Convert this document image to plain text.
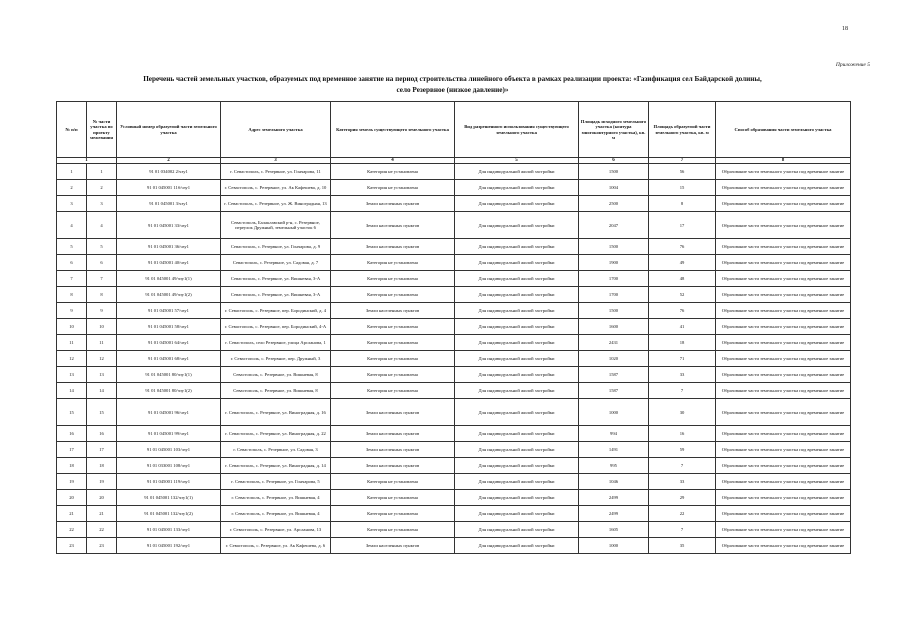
18
Приложение 5
Перечень частей земельных участков, образуемых под временное занятие на период строительства линейного объекта в рамках реализации проекта: «Газификация сел Байдарской долины,
село Резервное (низкое давление)»
№ п/п	№ части участка по проекту межевания	Условный номер образуемой части земельного участка	Адрес земельного участка	Категория земель существующего земельного участка	Вид разрешенного использования существующего земельного участка	Площадь исходного земельного участка (контура многоконтурного участка), кв. м	Площадь образуемой части земельного участка, кв. м	Способ образования части земельного участка
1		2	3	4	5	6	7	8
1	1	91 01 034002 2/чзу1	г. Севастополь, с. Резервное, ул. Гончарова, 11	Категория не установлена	Для индивидуальной жилой застройки	1500	56	Образование части земельного участка под временное занятие
2	2	91 01 045001 11б/чзу1	г. Севастополь, с. Резервное, ул. Ак Кафешева, д. 10	Категория не установлена	Для индивидуальной жилой застройки	1004	15	Образование части земельного участка под временное занятие
3	3	91 01 045001 3/чзу1	г. Севастополь, с. Резервное, ул. Ж. Виноградная, 13	Земли населенных пунктов	Для индивидуальной жилой застройки	2500	8	Образование части земельного участка под временное занятие
4	4	91 01 045001 33/чзу1	Севастополь, Балаклавский р-н, с. Резервное, переулок Дружный, земельный участок 6	Земли населенных пунктов	Для индивидуальной жилой застройки	2047	17	Образование части земельного участка под временное занятие
5	5	91 01 045001 36/чзу1	Севастополь, с. Резервное, ул. Гончарова, д. 9	Земли населенных пунктов	Для индивидуальной жилой застройки	1500	76	Образование части земельного участка под временное занятие
6	6	91 01 045001 40/чзу1	Севастополь, с. Резервное, ул. Садовая, д. 7	Категория не установлена	Для индивидуальной жилой застройки	1900	49	Образование части земельного участка под временное занятие
7	7	91 01 045001 49/чзу1(1)	Севастополь, с. Резервное, ул. Вишневая, 3-А	Категория не установлена	Для индивидуальной жилой застройки	1700	48	Образование части земельного участка под временное занятие
8	8	91 01 045001 49/чзу1(2)	Севастополь, с. Резервное, ул. Вишневая, 3-А	Категория не установлена	Для индивидуальной жилой застройки	1700	52	Образование части земельного участка под временное занятие
9	9	91 01 045001 57/чзу1	г. Севастополь, с. Резервное, пер. Бородинский, д. 4	Земли населенных пунктов	Для индивидуальной жилой застройки	1500	76	Образование части земельного участка под временное занятие
10	10	91 01 045001 58/чзу1	г. Севастополь, с. Резервное, пер. Бородинский, 4-А	Категория не установлена	Для индивидуальной жилой застройки	1600	41	Образование части земельного участка под временное занятие
11	11	91 01 045001 64/чзу1	г. Севастополь, село Резервное, улица Арсланова, 1	Категория не установлена	Для индивидуальной жилой застройки	2431	18	Образование части земельного участка под временное занятие
12	12	91 01 045001 68/чзу1	г. Севастополь, с. Резервное, пер. Дружный, 3	Категория не установлена	Для индивидуальной жилой застройки	1020	71	Образование части земельного участка под временное занятие
13	13	91 01 045001 80/чзу1(1)	Севастополь, с. Резервное, ул. Вишневая, 8	Категория не установлена	Для индивидуальной жилой застройки	1587	33	Образование части земельного участка под временное занятие
14	14	91 01 045001 80/чзу1(2)	Севастополь, с. Резервное, ул. Вишневая, 8	Категория не установлена	Для индивидуальной жилой застройки	1587	7	Образование части земельного участка под временное занятие
15	15	91 01 045001 96/чзу1	г. Севастополь, с. Резервное, ул. Виноградная, д. 16	Земли населенных пунктов	Для индивидуальной жилой застройки	1000	30	Образование части земельного участка под временное занятие
16	16	91 01 045001 99/чзу1	г. Севастополь, с. Резервное, ул. Виноградная, д. 22	Земли населенных пунктов	Для индивидуальной жилой застройки	994	16	Образование части земельного участка под временное занятие
17	17	91 01 045001 103/чзу1	г. Севастополь, с. Резервное, ул. Садовая, 3	Земли населенных пунктов	Для индивидуальной жилой застройки	1491	59	Образование части земельного участка под временное занятие
18	18	91 01 033001 108/чзу1	г. Севастополь, с. Резервное, ул. Виноградная, д. 14	Земли населенных пунктов	Для индивидуальной жилой застройки	995	7	Образование части земельного участка под временное занятие
19	19	91 01 045001 119/чзу1	г. Севастополь, с. Резервное, ул. Гончарова, 5	Категория не установлена	Для индивидуальной жилой застройки	1046	33	Образование части земельного участка под временное занятие
20	20	91 01 045001 132/чзу1(1)	г. Севастополь, с. Резервное, ул. Вишневая, 4	Категория не установлена	Для индивидуальной жилой застройки	2499	29	Образование части земельного участка под временное занятие
21	21	91 01 045001 132/чзу1(2)	г. Севастополь, с. Резервное, ул. Вишневая, 4	Категория не установлена	Для индивидуальной жилой застройки	2499	22	Образование части земельного участка под временное занятие
22	22	91 01 045001 133/чзу1	г. Севастополь, с. Резервное, ул. Арсланова, 13	Категория не установлена	Для индивидуальной жилой застройки	1605	7	Образование части земельного участка под временное занятие
23	23	91 01 045001 192/чзу1	г. Севастополь, с. Резервное, ул. Ак Кафешева, д. 6	Земли населенных пунктов	Для индивидуальной жилой застройки	1000	35	Образование части земельного участка под временное занятие
